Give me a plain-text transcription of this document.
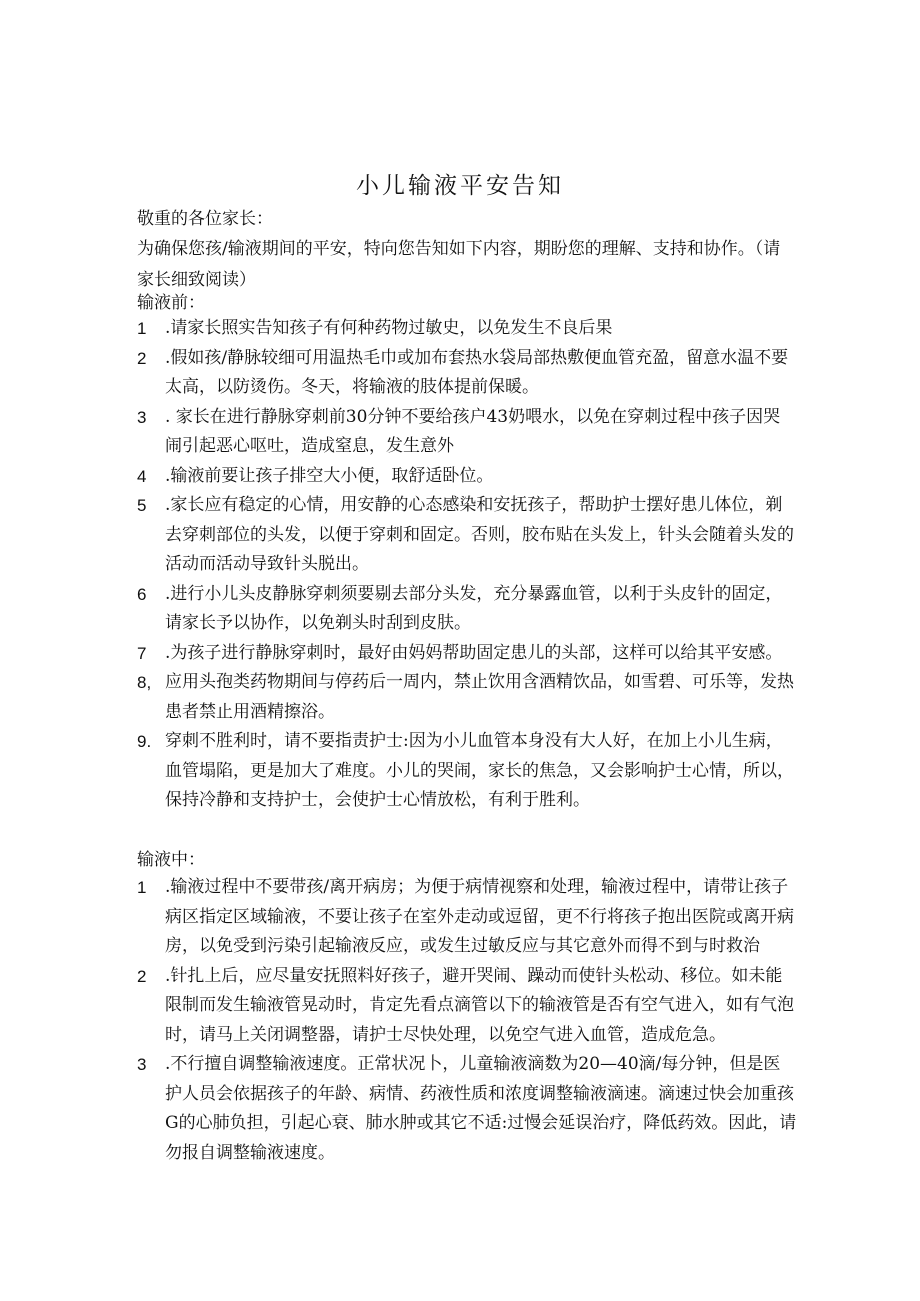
小儿输液平安告知
敬重的各位家长：
为确保您孩/输液期间的平安，特向您告知如下内容，期盼您的理解、支持和协作。（请家长细致阅读）
输液前：
1 .请家长照实告知孩子有何种药物过敏史，以免发生不良后果
2 .假如孩/静脉较细可用温热毛巾或加布套热水袋局部热敷便血管充盈，留意水温不要太高，以防烫伤。冬天，将输液的肢体提前保暖。
3 . 家长在进行静脉穿刺前30分钟不要给孩户43奶喂水，以免在穿刺过程中孩子因哭闹引起恶心呕吐，造成窒息，发生意外
4 .输液前要让孩子排空大小便，取舒适卧位。
5 .家长应有稳定的心情，用安静的心态感染和安抚孩子，帮助护士摆好患儿体位，剃去穿刺部位的头发，以便于穿刺和固定。否则，胶布贴在头发上，针头会随着头发的活动而活动导致针头脱出。
6 .进行小儿头皮静脉穿刺须要剔去部分头发，充分暴露血管，以利于头皮针的固定，请家长予以协作，以免剃头时刮到皮肤。
7 .为孩子进行静脉穿刺时，最好由妈妈帮助固定患儿的头部，这样可以给其平安感。
8, 应用头孢类药物期间与停药后一周内，禁止饮用含酒精饮品，如雪碧、可乐等，发热患者禁止用酒精擦浴。
9. 穿刺不胜利时，请不要指责护士:因为小儿血管本身没有大人好，在加上小儿生病，血管塌陷，更是加大了难度。小儿的哭闹，家长的焦急，又会影响护士心情，所以，保持冷静和支持护士，会使护士心情放松，有利于胜利。
输液中：
1 .输液过程中不要带孩/离开病房；为便于病情视察和处理，输液过程中，请带让孩子病区指定区域输液，不要让孩子在室外走动或逗留，更不行将孩子抱出医院或离开病房，以免受到污染引起输液反应，或发生过敏反应与其它意外而得不到与时救治
2 .针扎上后，应尽量安抚照料好孩子，避开哭闹、躁动而使针头松动、移位。如未能限制而发生输液管晃动时，肯定先看点滴管以下的输液管是否有空气进入，如有气泡时，请马上关闭调整器，请护士尽快处理，以免空气进入血管，造成危急。
3 .不行擅自调整输液速度。正常状况卜，儿童输液滴数为20—40滴/每分钟，但是医护人员会依据孩子的年龄、病情、药液性质和浓度调整输液滴速。滴速过快会加重孩G的心肺负担，引起心衰、肺水肿或其它不适:过慢会延误治疗，降低药效。因此，请勿报自调整输液速度。
